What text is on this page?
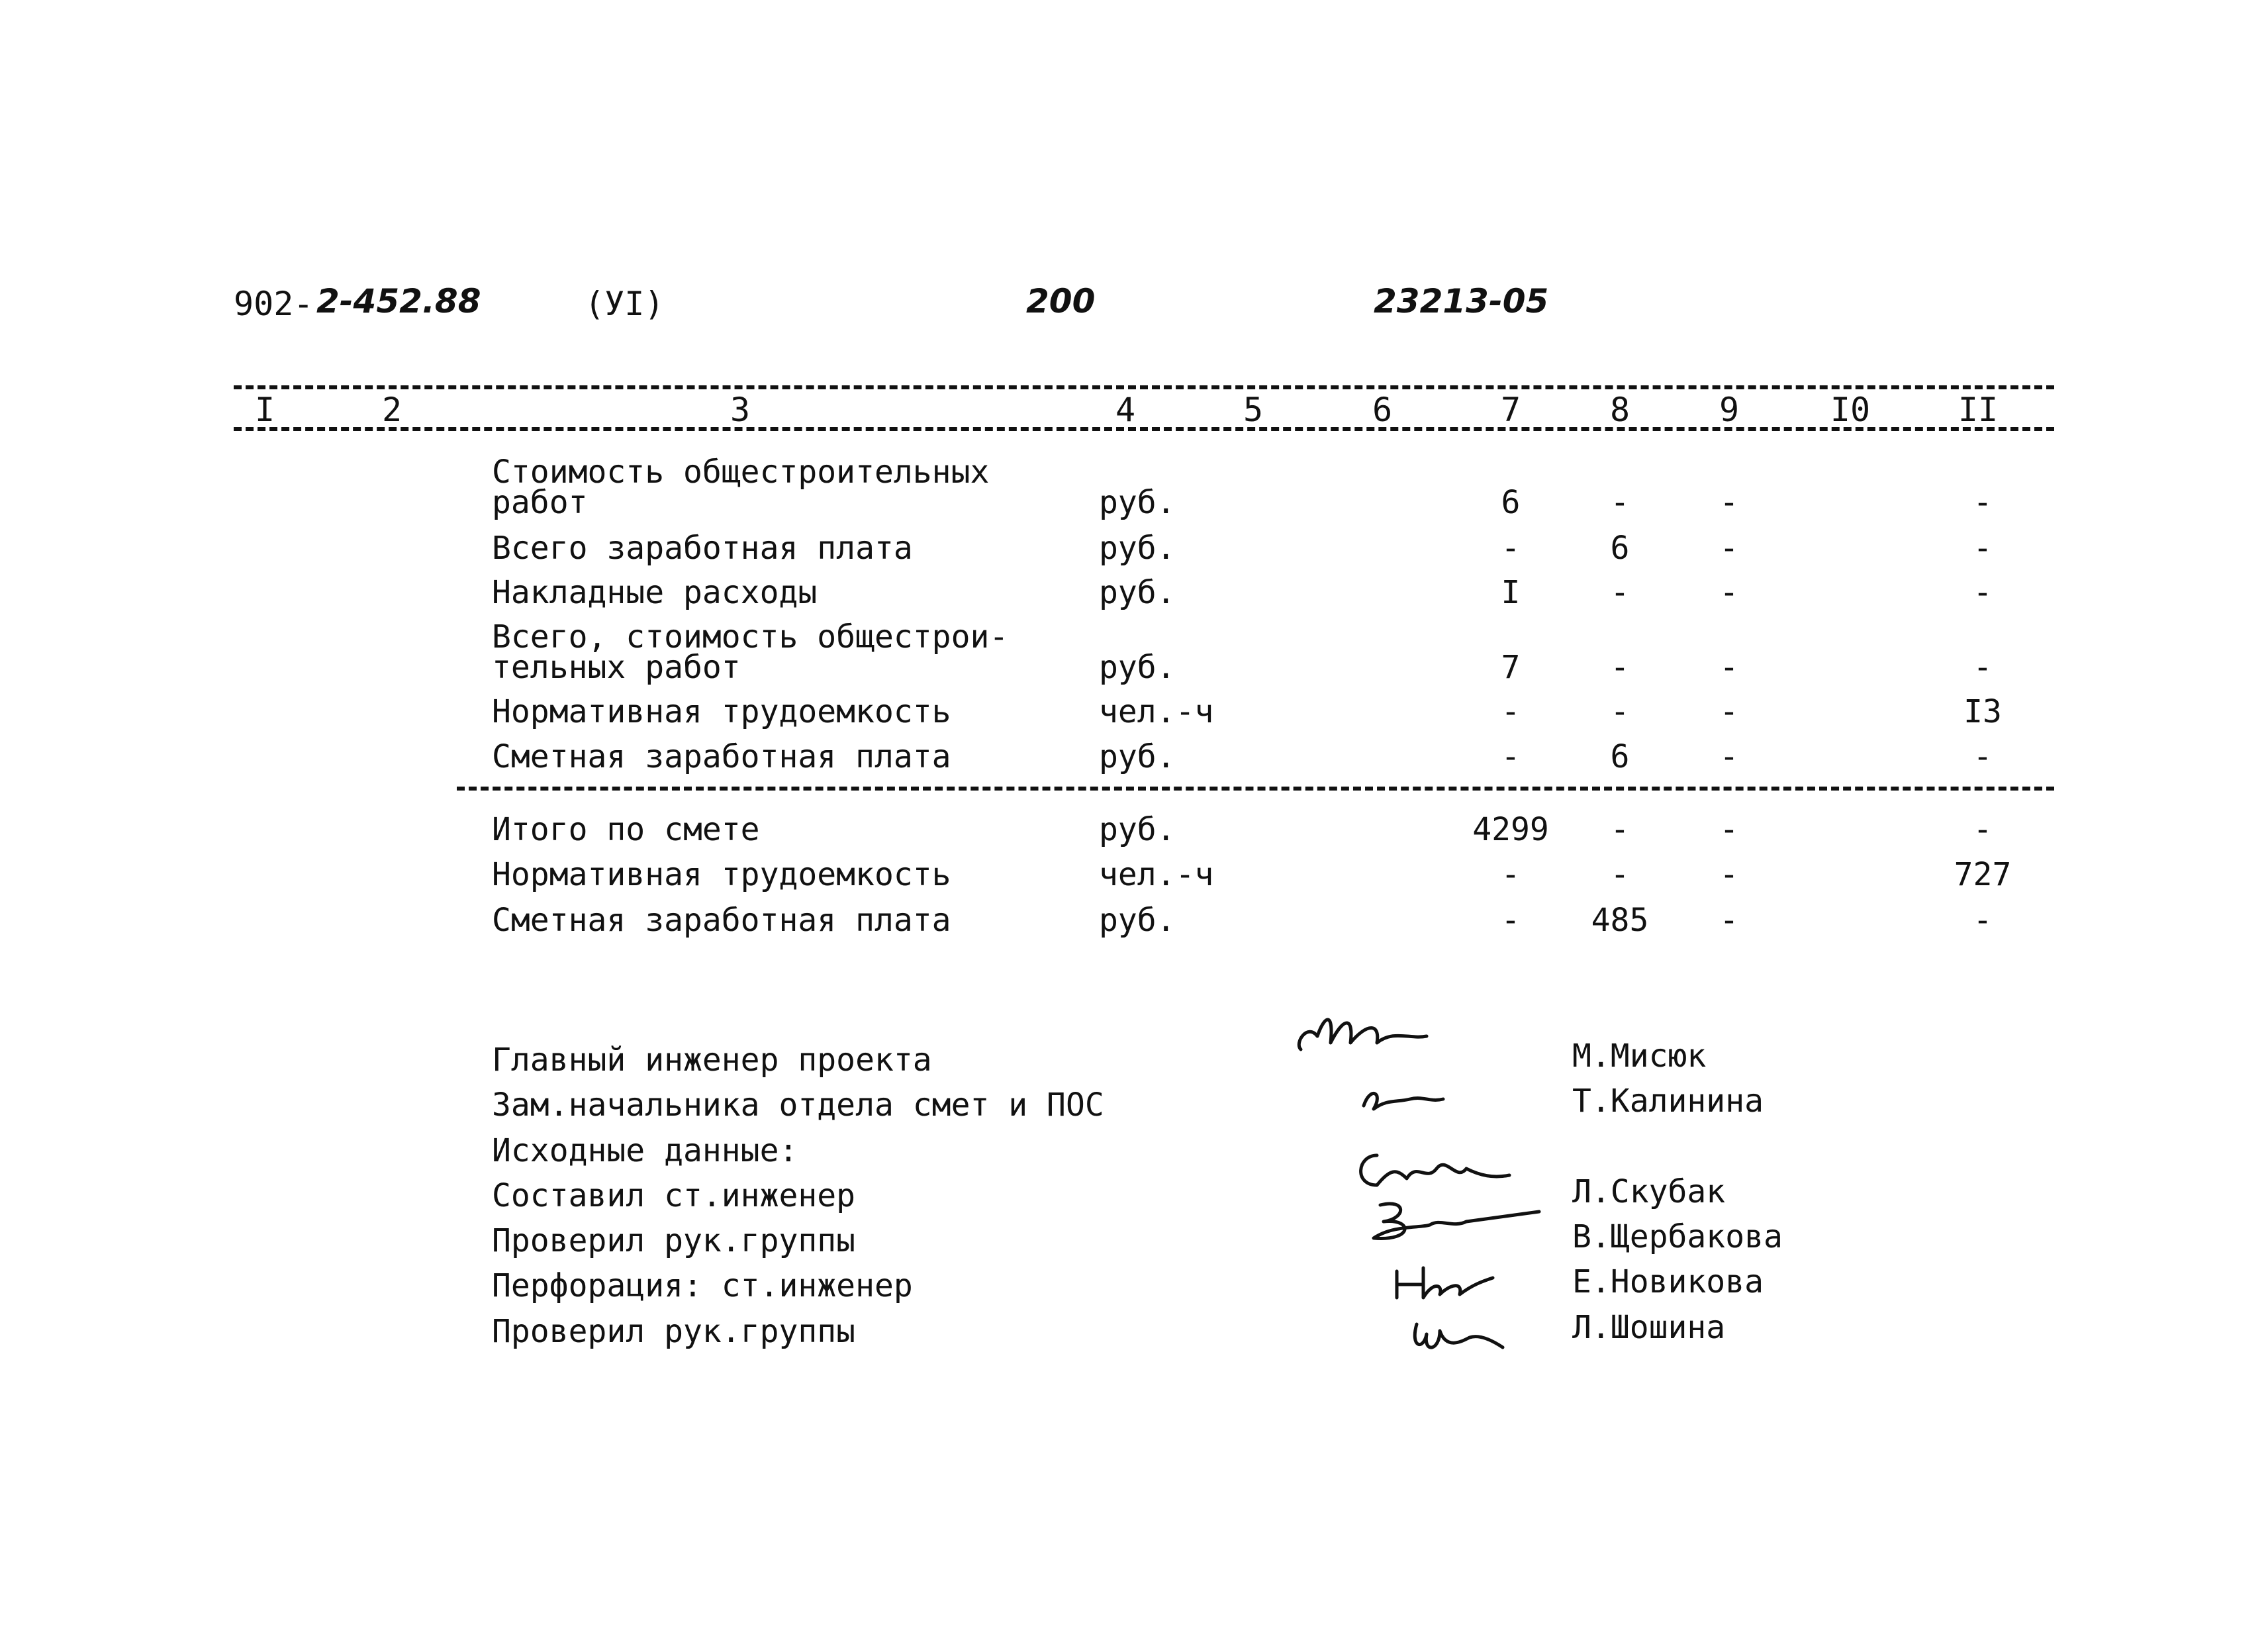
902- 2-452.88	(УI)	200	23213-05
I	2	3	4	5	6	7	8	9	I0	II
Стоимость общестроительных
работ	руб.	6	-	-	-
Всего заработная плата	руб.	-	6	-	-
Накладные расходы	руб.	I	-	-	-
Всего, стоимость общестрои-
тельных работ	руб.	7	-	-	-
Нормативная трудоемкость	чел.-ч	-	-	-	I3
Сметная заработная плата	руб.	-	6	-	-
Итого по смете	руб.	4299 -	-	-
Нормативная трудоемкость	чел.-ч	-	-	-	727
Сметная заработная плата	руб.	- 485 -	-
Главный инженер проекта	М.Мисюк
Зам.начальника отдела смет и ПОС	Т.Калинина
Исходные данные:
Составил ст.инженер	Л.Скубак
Проверил рук.группы	В.Щербакова
Перфорация: ст.инженер	Е.Новикова
Проверил рук.группы	Л.Шошина
